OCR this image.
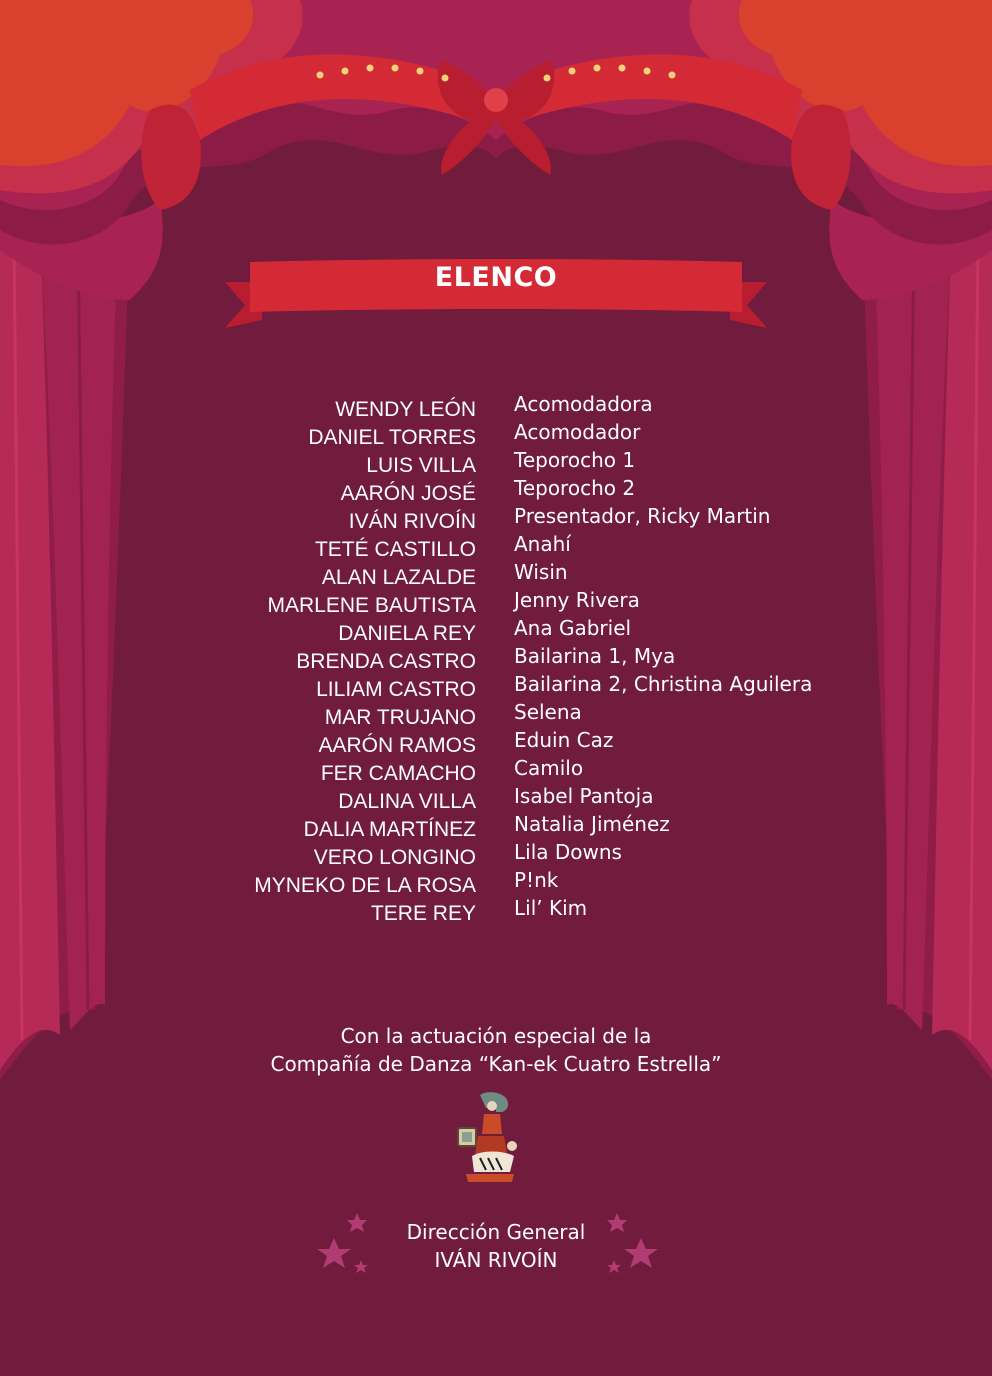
ELENCO
WENDY LEÓN Acomodadora
DANIEL TORRES Acomodador
LUIS VILLA Teporocho 1
AARÓN JOSÉ Teporocho 2
IVÁN RIVOÍN Presentador, Ricky Martin
TETÉ CASTILLO Anahí
ALAN LAZALDE Wisin
MARLENE BAUTISTA Jenny Rivera
DANIELA REY Ana Gabriel
BRENDA CASTRO Bailarina 1, Mya
LILIAM CASTRO Bailarina 2, Christina Aguilera
MAR TRUJANO Selena
AARÓN RAMOS Eduin Caz
FER CAMACHO Camilo
DALINA VILLA Isabel Pantoja
DALIA MARTÍNEZ Natalia Jiménez
VERO LONGINO Lila Downs
MYNEKO DE LA ROSA P!nk
TERE REY Lil’ Kim
Con la actuación especial de la
Compañía de Danza “Kan-ek Cuatro Estrella”
Dirección General
IVÁN RIVOÍN
